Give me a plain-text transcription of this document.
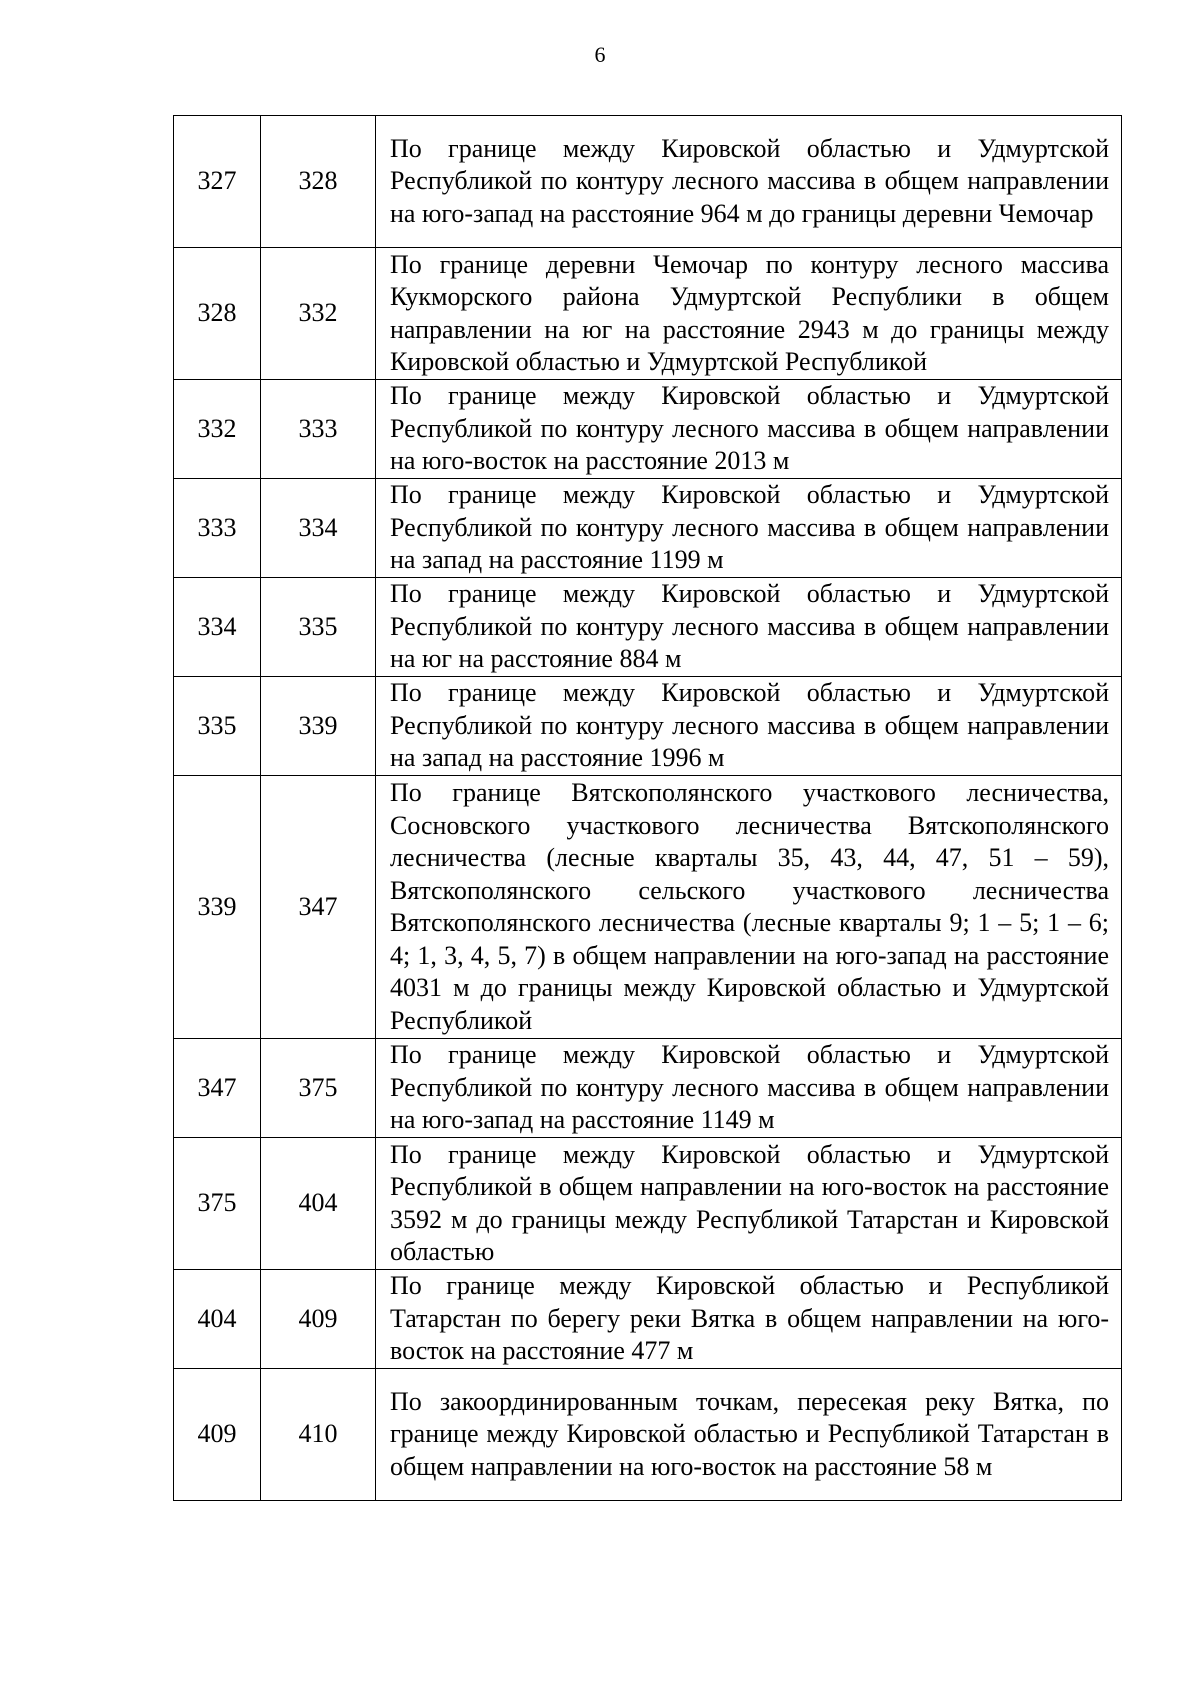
6
327	328	По границе между Кировской областью и Удмуртской Республикой по контуру лесного массива в общем направлении на юго-запад на расстояние 964 м до границы деревни Чемочар
328	332	По границе деревни Чемочар по контуру лесного массива Кукморского района Удмуртской Республики в общем направлении на юг на расстояние 2943 м до границы между Кировской областью и Удмуртской Республикой
332	333	По границе между Кировской областью и Удмуртской Республикой по контуру лесного массива в общем направлении на юго-восток на расстояние 2013 м
333	334	По границе между Кировской областью и Удмуртской Республикой по контуру лесного массива в общем направлении на запад на расстояние 1199 м
334	335	По границе между Кировской областью и Удмуртской Республикой по контуру лесного массива в общем направлении на юг на расстояние 884 м
335	339	По границе между Кировской областью и Удмуртской Республикой по контуру лесного массива в общем направлении на запад на расстояние 1996 м
339	347	По границе Вятскополянского участкового лесничества, Сосновского участкового лесничества Вятскополянского лесничества (лесные кварталы 35, 43, 44, 47, 51 – 59), Вятскополянского сельского участкового лесничества Вятскополянского лесничества (лесные кварталы 9; 1 – 5; 1 – 6; 4; 1, 3, 4, 5, 7) в общем направлении на юго-запад на расстояние 4031 м до границы между Кировской областью и Удмуртской Республикой
347	375	По границе между Кировской областью и Удмуртской Республикой по контуру лесного массива в общем направлении на юго-запад на расстояние 1149 м
375	404	По границе между Кировской областью и Удмуртской Республикой в общем направлении на юго-восток на расстояние 3592 м до границы между Республикой Татарстан и Кировской областью
404	409	По границе между Кировской областью и Республикой Татарстан по берегу реки Вятка в общем направлении на юго-восток на расстояние 477 м
409	410	По закоординированным точкам, пересекая реку Вятка, по границе между Кировской областью и Республикой Татарстан в общем направлении на юго-восток на расстояние 58 м
